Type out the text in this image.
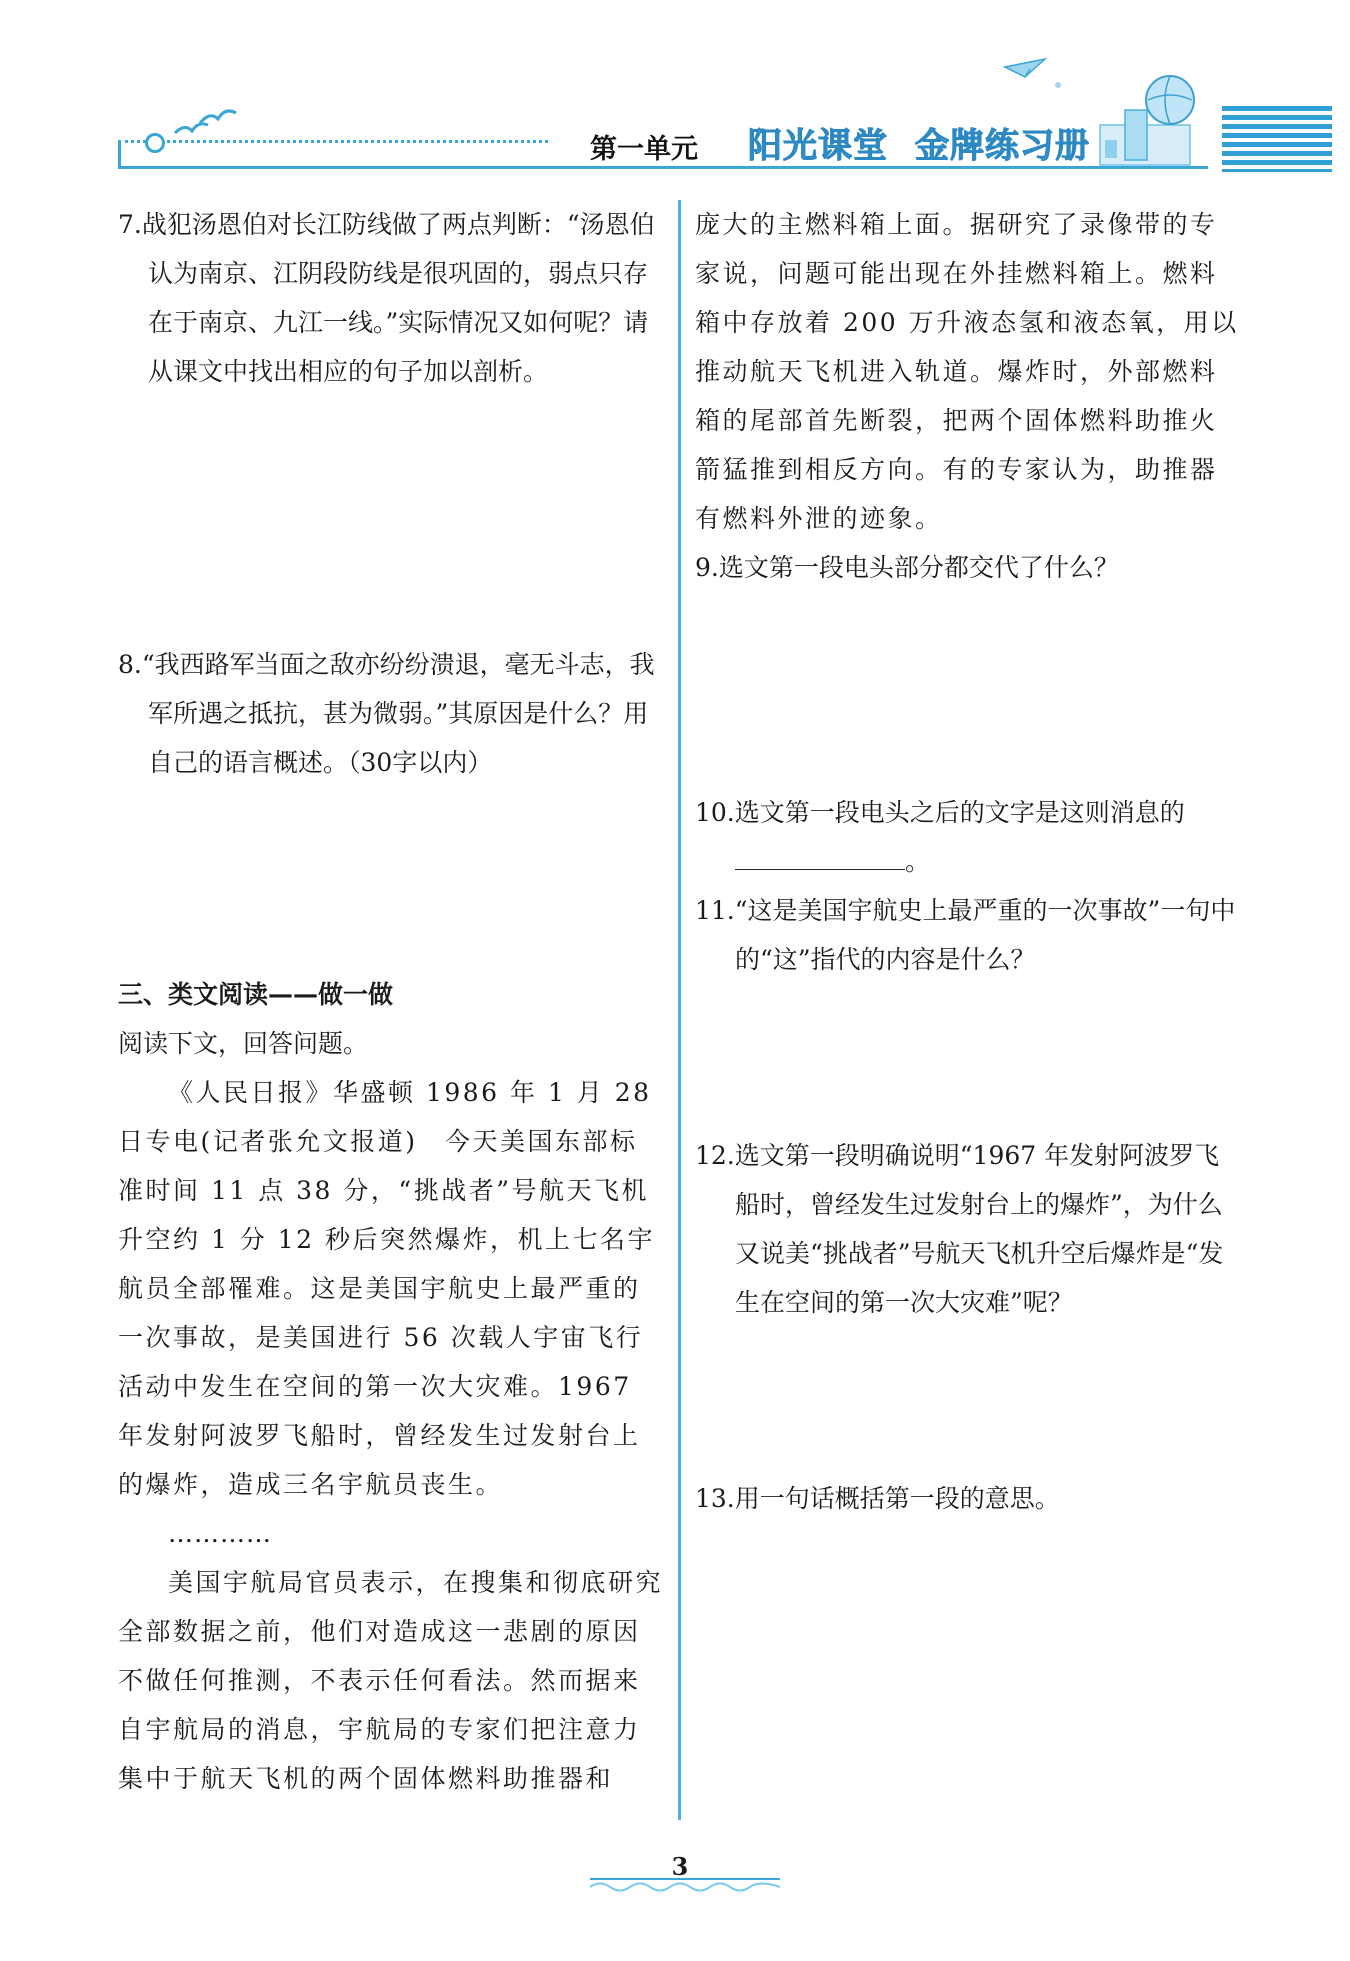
第一单元 阳光课堂 金牌练习册

7.战犯汤恩伯对长江防线做了两点判断：“汤恩伯认为南京、江阴段防线是很巩固的，弱点只存在于南京、九江一线。”实际情况又如何呢？请从课文中找出相应的句子加以剖析。

8.“我西路军当面之敌亦纷纷溃退，毫无斗志，我军所遇之抵抗，甚为微弱。”其原因是什么？用自己的语言概述。（30字以内）

三、类文阅读——做一做

阅读下文，回答问题。

《人民日报》华盛顿 1986 年 1 月 28 日专电(记者张允文报道)　今天美国东部标准时间 11 点 38 分，“挑战者”号航天飞机升空约 1 分 12 秒后突然爆炸，机上七名宇航员全部罹难。这是美国宇航史上最严重的一次事故，是美国进行 56 次载人宇宙飞行活动中发生在空间的第一次大灾难。1967 年发射阿波罗飞船时，曾经发生过发射台上的爆炸，造成三名宇航员丧生。

…………

美国宇航局官员表示，在搜集和彻底研究全部数据之前，他们对造成这一悲剧的原因不做任何推测，不表示任何看法。然而据来自宇航局的消息，宇航局的专家们把注意力集中于航天飞机的两个固体燃料助推器和

庞大的主燃料箱上面。据研究了录像带的专家说，问题可能出现在外挂燃料箱上。燃料箱中存放着 200 万升液态氢和液态氧，用以推动航天飞机进入轨道。爆炸时，外部燃料箱的尾部首先断裂，把两个固体燃料助推火箭猛推到相反方向。有的专家认为，助推器有燃料外泄的迹象。

9.选文第一段电头部分都交代了什么？

10.选文第一段电头之后的文字是这则消息的。

11.“这是美国宇航史上最严重的一次事故”一句中的“这”指代的内容是什么？

12.选文第一段明确说明“1967 年发射阿波罗飞船时，曾经发生过发射台上的爆炸”，为什么又说美“挑战者”号航天飞机升空后爆炸是“发生在空间的第一次大灾难”呢？

13.用一句话概括第一段的意思。

3
